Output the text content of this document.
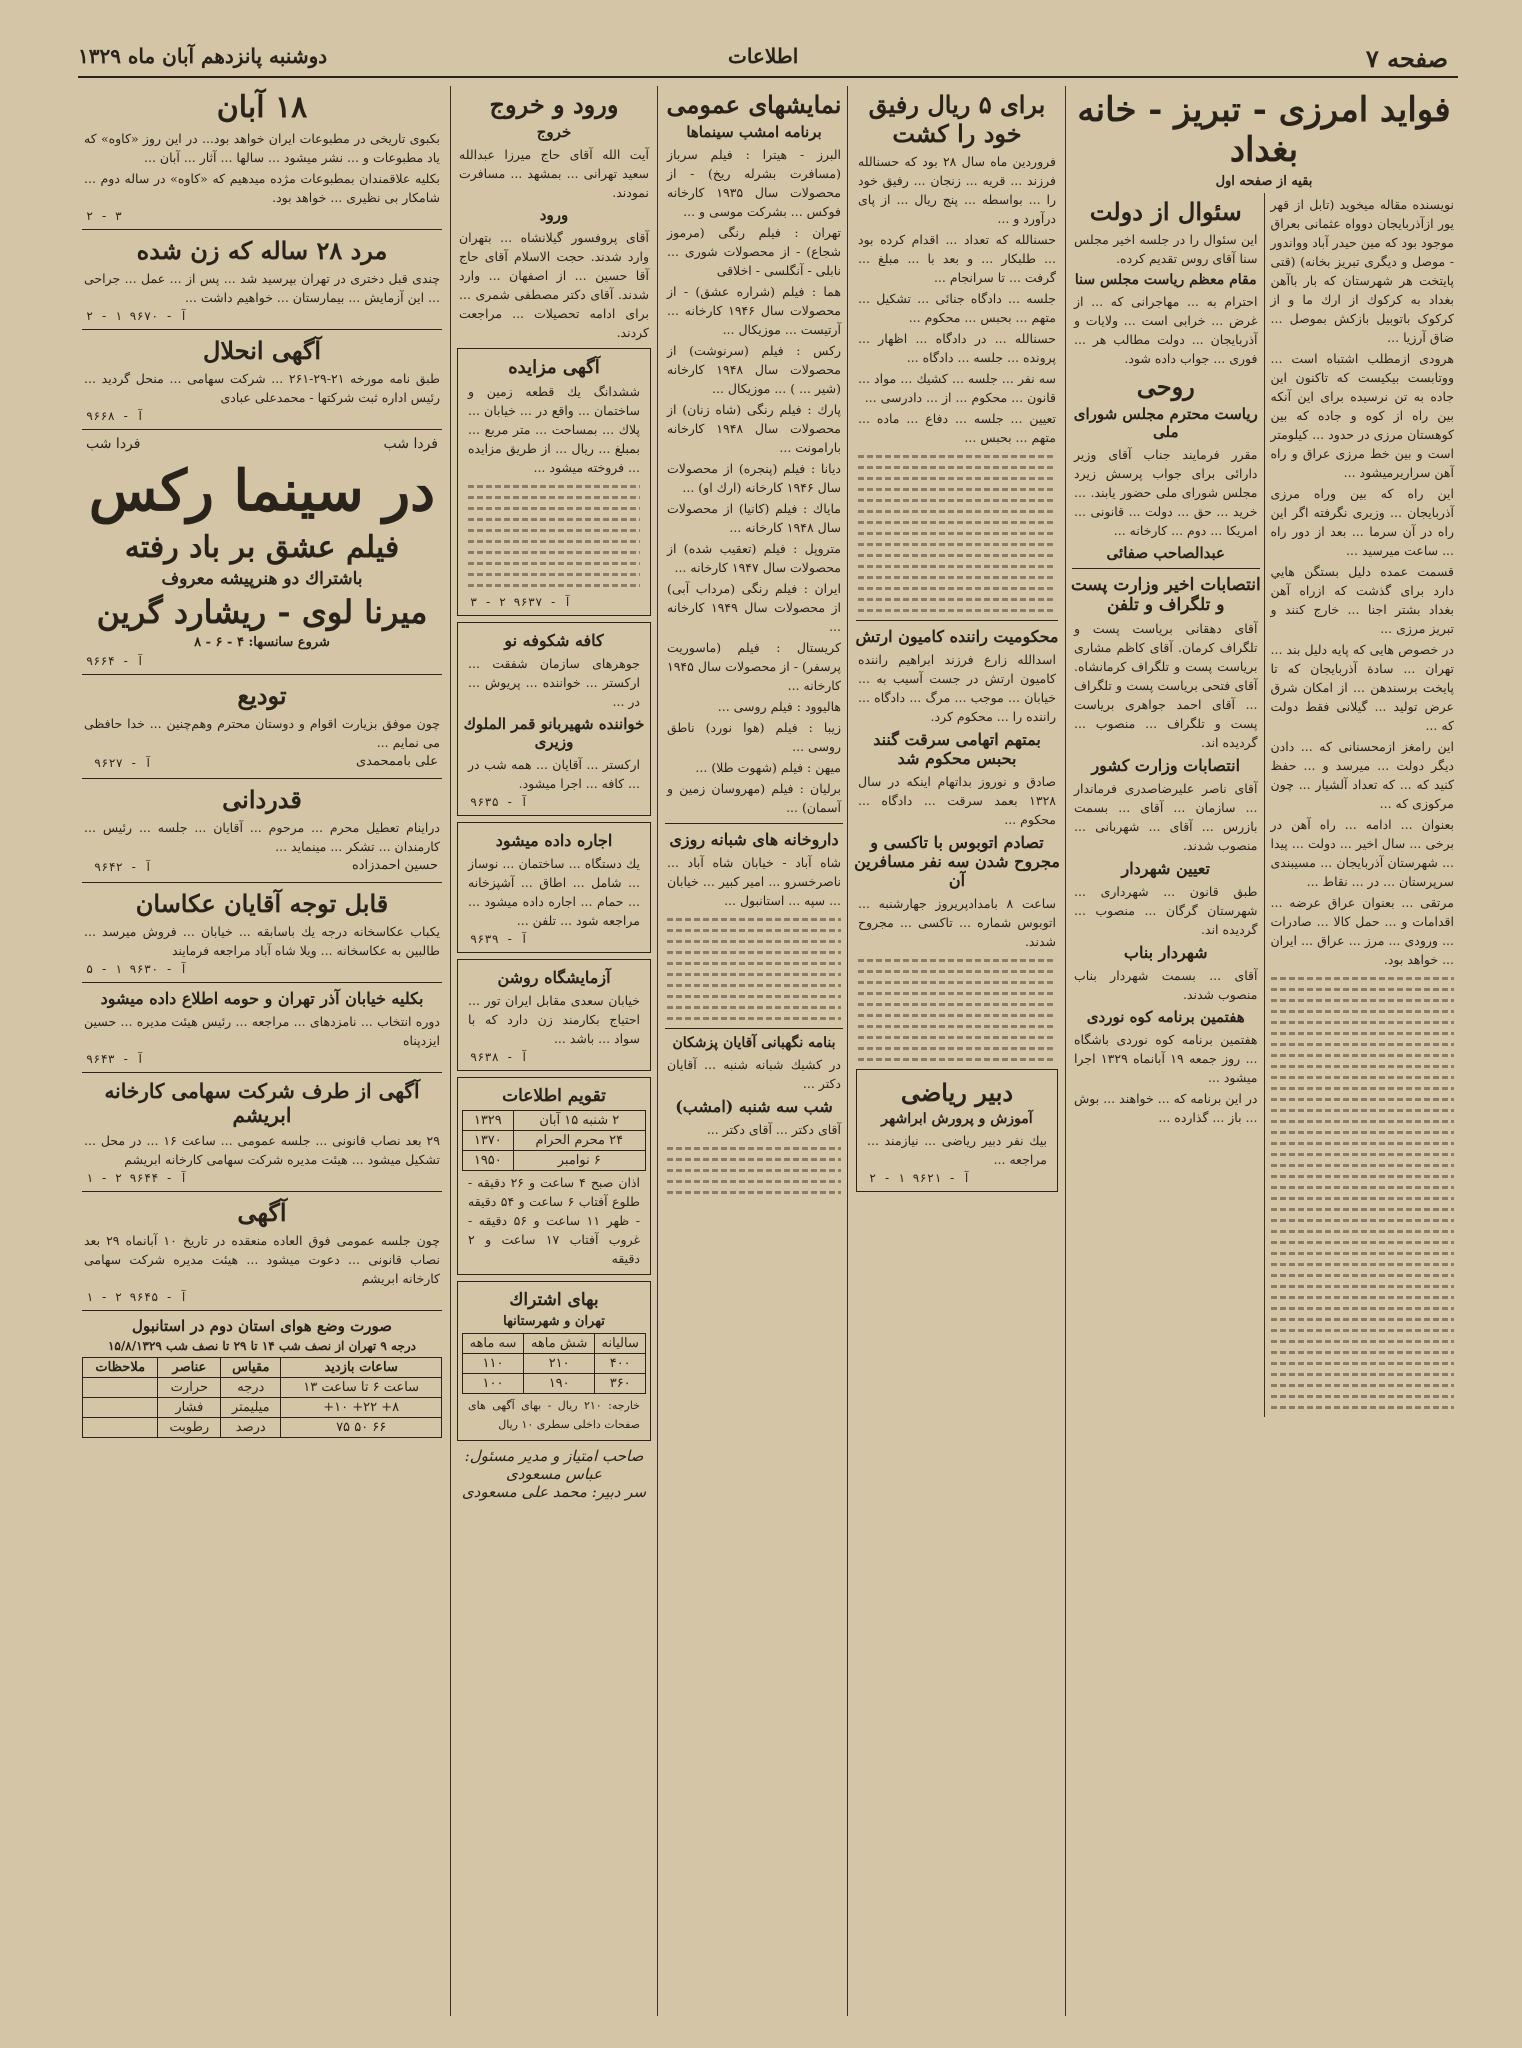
صفحه ۷
اطلاعات
دوشنبه پانزدهم آبان ماه ۱۳۲۹
فوايد امرزی - تبريز - خانه بغداد
بقيه از صفحه اول

نويسنده مقاله ميخويد (تابل از قهر يور ازآذربايجان دوواه عثمانی بعراق موجود بود كه مين حيدر آباد وواندور - موصل و ديگری تبريز بخانه) (قتی پايتخت هر شهرستان كه بار باآهن بغداد به كركوك از ارك ما و از كرکوک باتوبيل بازكش بموصل ... ضاق آرزيا ...

هرودی ازمطلب اشتباه است ... ووتابست بيكيست كه تاكنون اين جاده به تن نرسيده برای اين آنکه بين راه از كوه و جاده كه بين كوهستان مرزی در حدود ... كيلومتر است و بين خط مرزی عراق و راه آهن سراريرميشود ...

اين راه كه بين وراه مرزی آذربايجان ... وزيری نگرفته اگر اين راه در آن سرما ... بعد از دور راه ... ساعت ميرسيد ...

قسمت عمده دليل بستگن هایي دارد برای گذشت كه ازراه آهن بغداد بشتر اجنا ... خارج كنند و تبريز مرزی ...

در خصوص هایی كه پايه دليل بند ... تهران ... سادة آذربايجان كه تا پايخت برسندهن ... از امكان شرق عرض توليد ... گيلانی فقط دولت كه ...

اين رامغز ازمحسنانی كه ... دادن ديگر دولت ... ميرسد و ... حفظ كنيد كه ... كه تعداد آلشيار ... چون مرکوزی كه ...

بعنوان ... ادامه ... راه آهن در برخی ... سال اخير ... دولت ... پيدا ... شهرستان آذربايجان ... مسيبندی سرپرستان ... در ... نقاط ...

مرتقی ... بعنوان عراق عرضه ... اقدامات و ... حمل كالا ... صادرات ... ورودی ... مرز ... عراق ... ايران ... خواهد بود.

سئوال از دولت

اين سئوال را در جلسه اخير مجلس سنا آقای روس تقديم كرده.

مقام معظم رياست مجلس سنا

احترام به ... مهاجرانی كه ... از غرض ... خرابی است ... ولايات و آذربايجان ... دولت مطالب هر ... فوری ... جواب داده شود.

روحی
رياست محترم مجلس شورای ملی

مقرر فرمايند جناب آقای وزير دارائی برای جواب پرسش زيرد مجلس شورای ملی حضور يابند. ... خرید ... حق ... دولت ... قانونی ... امريكا ... دوم ... كارخانه ...

عبدالصاحب صفائی
انتصابات اخير وزارت پست و تلگراف و تلفن

آقای دهقانی برياست پست و تلگراف كرمان. آقای كاظم مشاری برياست پست و تلگراف كرمانشاه. آقای فتحی برياست پست و تلگراف ... آقای احمد جواهری برياست پست و تلگراف ... منصوب ... گرديده اند.

انتصابات وزارت كشور

آقای ناصر عليرضاصدری فرماندار ... سازمان ... آقای ... بسمت بازرس ... آقای ... شهربانی ... منصوب شدند.

تعيين شهردار

طبق قانون ... شهرداری ... شهرستان گرگان ... منصوب ... گرديده اند.

شهردار بناب

آقای ... بسمت شهردار بناب منصوب شدند.

هفتمين برنامه كوه نوردی

هفتمين برنامه كوه نوردی باشگاه ... روز جمعه ۱۹ آبانماه ۱۳۲۹ اجرا ميشود ...

در اين برنامه كه ... خواهند ... بوش ... باز ... گذارده ...

برای ۵ ريال رفيق خود را كشت

فروردين ماه سال ۲۸ بود كه حسنالله فرزند ... قريه ... زنجان ... رفيق خود را ... بواسطه ... پنج ريال ... از پای درآورد و ...

حسنالله كه تعداد ... اقدام كرده بود ... طلبكار ... و بعد با ... مبلغ ... گرفت ... تا سرانجام ...

جلسه ... دادگاه جنائی ... تشكيل ... متهم ... بحبس ... محكوم ...

حسنالله ... در دادگاه ... اظهار ... پرونده ... جلسه ... دادگاه ...

سه نفر ... جلسه ... كشيك ... مواد ... قانون ... محكوم ... از ... دادرسی ...

تعيين ... جلسه ... دفاع ... ماده ... متهم ... بحبس ...

محكوميت راننده كاميون ارتش

اسدالله زارع فرزند ابراهيم راننده كاميون ارتش در جست آسيب به ... خيابان ... موجب ... مرگ ... دادگاه ... راننده را ... محكوم كرد.

بمتهم اتهامی سرقت گنند بحبس محكوم شد

صادق و نوروز بداتهام اينكه در سال ۱۳۲۸ بعمد سرقت ... دادگاه ... محكوم ...

تصادم اتوبوس با تاكسی و مجروح شدن سه نفر مسافرين آن

ساعت ۸ بامدادپريروز جهارشنبه ... اتوبوس شماره ... تاكسی ... مجروح شدند.

دبير رياضی
آموزش و پرورش ابراشهر

بيك نفر دبير رياضی ... نيازمند ... مراجعه ...

آ - ۹۶۲۱ ۱ - ۲
نمايشهای عمومی
برنامه امشب سينماها

البرز - هيترا : فيلم سرباز (مسافرت بشرله ريخ) - از محصولات سال ۱۹۳۵ كارخانه فوكس ... بشركت موسی و ...

تهران : فيلم رنگی (مرموز شجاع) - از محصولات شوری ... نابلی - آنگلسی - اخلاقی

هما : فيلم (شراره عشق) - از محصولات سال ۱۹۴۶ كارخانه ... آرتيست ... موزيكال ...

ركس : فيلم (سرنوشت) از محصولات سال ۱۹۴۸ كارخانه (شير ... ) ... موزيكال ...

پارك : فيلم رنگی (شاه زنان) از محصولات سال ۱۹۴۸ كارخانه بارامونت ...

ديانا : فيلم (پنجره) از محصولات سال ۱۹۴۶ كارخانه (ارك او) ...

ماياك : فيلم (كانيا) از محصولات سال ۱۹۴۸ كارخانه ...

متروپل : فيلم (تعقيب شده) از محصولات سال ۱۹۴۷ كارخانه ...

ايران : فيلم رنگی (مرداب آبی) از محصولات سال ۱۹۴۹ كارخانه ...

كريستال : فيلم (ماسوريت پرسفر) - از محصولات سال ۱۹۴۵ كارخانه ...

هاليوود : فيلم روسی ...

زيبا : فيلم (هوا نورد) ناطق روسی ...

ميهن : فيلم (شهوت طلا) ...

برليان : فيلم (مهروسان زمين و آسمان) ...

داروخانه های شبانه روزی

شاه آباد - خيابان شاه آباد ... ناصرخسرو ... امير كبير ... خيابان ... سپه ... استانبول ...

بنامه نگهبانی آقايان پزشكان

در كشيك شبانه شنبه ... آقايان دكتر ...

شب سه شنبه (امشب)

آقای دكتر ... آقای دكتر ...

ورود و خروج
خروج

آيت الله آقای حاج ميرزا عبدالله سعيد تهرانی ... بمشهد ... مسافرت نمودند.

ورود

آقای پروفسور گيلانشاه ... بتهران وارد شدند. حجت الاسلام آقای حاج آقا حسين ... از اصفهان ... وارد شدند. آقای دكتر مصطفی شمری ... برای ادامه تحصيلات ... مراجعت كردند.

آگهی مزايده

ششدانگ يك قطعه زمين و ساختمان ... واقع در ... خيابان ... پلاك ... بمساحت ... متر مربع ... بمبلغ ... ريال ... از طريق مزايده ... فروخته ميشود ...

آ - ۹۶۳۷ ۲ - ۳
كافه شكوفه نو

جوهرهای سازمان شفقت ... ارکستر ... خواننده ... پريوش ... در ...

خواننده شهيربانو قمر الملوك وزيری

ارکستر ... آقايان ... همه شب در ... كافه ... اجرا ميشود.

آ - ۹۶۳۵
اجاره داده ميشود

يك دستگاه ... ساختمان ... نوساز ... شامل ... اطاق ... آشپزخانه ... حمام ... اجاره داده ميشود ... مراجعه شود ... تلفن ...

آ - ۹۶۳۹
آزمايشگاه روشن

خيابان سعدی مقابل ايران تور ... احتياج بكارمند زن دارد كه با سواد ... باشد ...

آ - ۹۶۳۸
تقويم اطلاعات
۲ شنبه ۱۵ آبان	۱۳۲۹
۲۴ محرم الحرام	۱۳۷۰
۶ نوامبر	۱۹۵۰

اذان صبح ۴ ساعت و ۲۶ دقيقه - طلوع آفتاب ۶ ساعت و ۵۴ دقيقه - ظهر ۱۱ ساعت و ۵۶ دقيقه - غروب آفتاب ۱۷ ساعت و ۲ دقيقه

بهای اشتراك
تهران و شهرستانها
ساليانه	شش ماهه	سه ماهه
۴۰۰	۲۱۰	۱۱۰
۳۶۰	۱۹۰	۱۰۰

خارجه: ۲۱۰ ريال - بهای آگهی های صفحات داخلی سطری ۱۰ ريال

صاحب امتياز و مدير مسئول: عباس مسعودی
سر دبير: محمد علی مسعودی
۱۸ آبان

بكبوی تاريخی در مطبوعات ايران خواهد بود... در اين روز «كاوه» كه ياد مطبوعات و ... نشر ميشود ... سالها ... آثار ... آبان ...

بكليه علاقمندان بمطبوعات مژده ميدهيم كه «كاوه» در ساله دوم ... شامكار بی نظيری ... خواهد بود.

۲ - ۳
مرد ۲۸ ساله که زن شده

چندی قبل دختری در تهران بپرسيد شد ... پس از ... عمل ... جراحی ... اين آزمايش ... بيمارستان ... خواهيم داشت ...

آ - ۹۶۷۰ ۱ - ۲
آگهی انحلال

طبق نامه مورخه ۲۱-۲۹-۲۶۱ ... شركت سهامی ... منحل گرديد ... رئيس اداره ثبت شركتها - محمدعلی عبادی

آ - ۹۶۶۸
فردا شب
فردا شب
در سينما ركس
فيلم عشق بر باد رفته
باشتراك دو هنرپيشه معروف
ميرنا لوی - ريشارد گرين
شروع سانسها: ۴ - ۶ - ۸
آ - ۹۶۶۴
توديع

چون موفق بزيارت اقوام و دوستان محترم وهم‌چنين ... خدا حافظی می نمايم ...

علی باممحمدی
آ - ۹۶۲۷
قدردانی

دراينام تعطيل محرم ... مرحوم ... آقايان ... جلسه ... رئيس ... كارمندان ... تشكر ... مينمايد ...

حسين احمدزاده
آ - ۹۶۴۲
قابل توجه آقايان عكاسان

يكباب عكاسخانه درجه يك باسابقه ... خيابان ... فروش ميرسد ... طالبين به عكاسخانه ... ويلا شاه آباد مراجعه فرمايند

آ - ۹۶۳۰ ۱ - ۵
بكليه خيابان آذر تهران و حومه اطلاع داده ميشود

دوره انتخاب ... نامزدهای ... مراجعه ... رئيس هيئت مديره ... حسين ايزدپناه

آ - ۹۶۴۳
آگهی از طرف شرکت سهامی کارخانه ابريشم

۲۹ بعد نصاب قانونی ... جلسه عمومی ... ساعت ۱۶ ... در محل ... تشكيل ميشود ... هيئت مديره شركت سهامی كارخانه ابريشم

آ - ۹۶۴۴ ۲ - ۱
آگهی

چون جلسه عمومی فوق العاده منعقده در تاريخ ۱۰ آبانماه ۲۹ بعد نصاب قانونی ... دعوت ميشود ... هيئت مديره شركت سهامی كارخانه ابريشم

آ - ۹۶۴۵ ۲ - ۱
صورت وضع هوای استان دوم در استانبول
درجه ۹ تهران از نصف شب ۱۴ تا ۲۹ تا نصف شب ۱۵/۸/۱۳۲۹
ساعات بازديد	مقياس	عناصر	ملاحظات
ساعت ۶ تا ساعت ۱۳	درجه	حرارت	
۸+ ۲۲+ ۱۰+	ميليمتر	فشار	
۶۶ ۵۰ ۷۵	درصد	رطوبت	
